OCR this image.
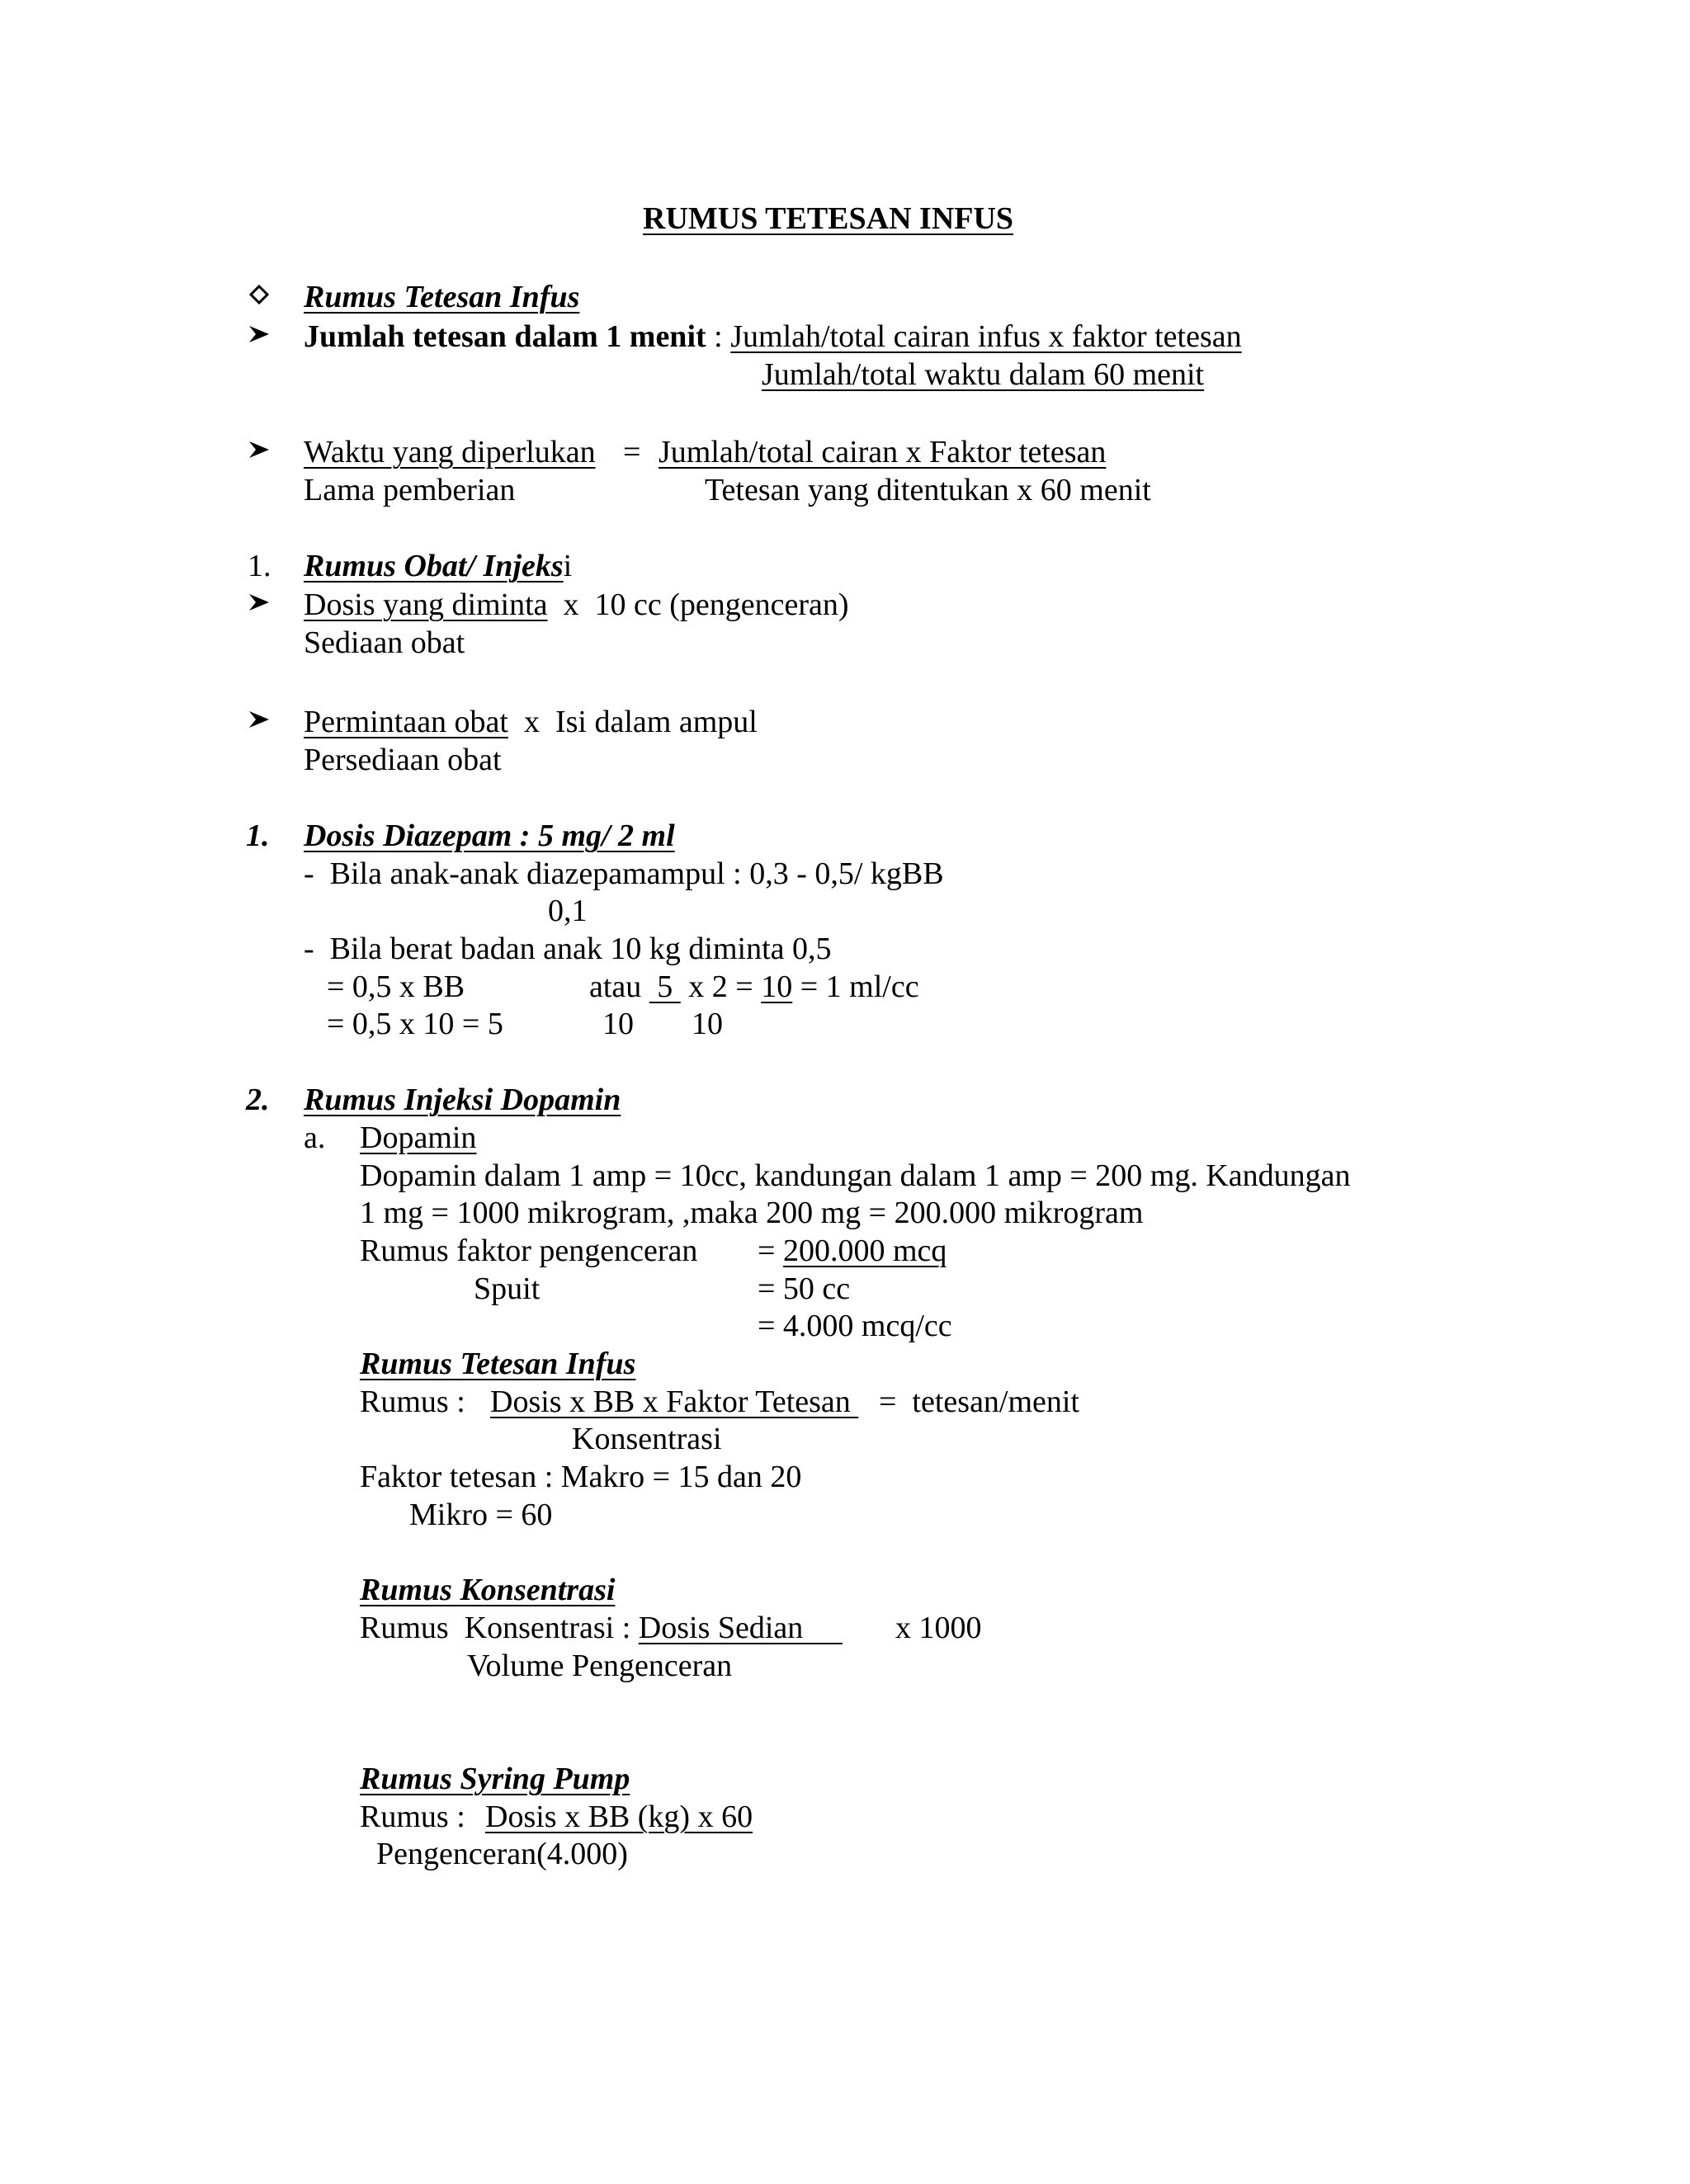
RUMUS TETESAN INFUS
Rumus Tetesan Infus
Jumlah tetesan dalam 1 menit : Jumlah/total cairan infus x faktor tetesan
Jumlah/total waktu dalam 60 menit
Waktu yang diperlukan = Jumlah/total cairan x Faktor tetesan
Lama pemberian	Tetesan yang ditentukan x 60 menit
1. Rumus Obat/ Injeksi
Dosis yang diminta  x  10 cc (pengenceran)
Sediaan obat
Permintaan obat  x  Isi dalam ampul
Persediaan obat
1. Dosis Diazepam : 5 mg/ 2 ml
-  Bila anak-anak diazepamampul : 0,3 - 0,5/ kgBB
0,1
-  Bila berat badan anak 10 kg diminta 0,5
= 0,5 x BB	atau  5  x 2 = 10 = 1 ml/cc
= 0,5 x 10 = 5	10 10
2. Rumus Injeksi Dopamin
a. Dopamin
Dopamin dalam 1 amp = 10cc, kandungan dalam 1 amp = 200 mg. Kandungan
1 mg = 1000 mikrogram, ,maka 200 mg = 200.000 mikrogram
Rumus faktor pengenceran = 200.000 mcq
Spuit	= 50 cc
= 4.000 mcq/cc
Rumus Tetesan Infus
Rumus : Dosis x BB x Faktor Tetesan =  tetesan/menit
Konsentrasi
Faktor tetesan : Makro = 15 dan 20
Mikro = 60
Rumus Konsentrasi
Rumus  Konsentrasi : Dosis Sedian x 1000
Volume Pengenceran
Rumus Syring Pump
Rumus : Dosis x BB (kg) x 60
Pengenceran(4.000)
